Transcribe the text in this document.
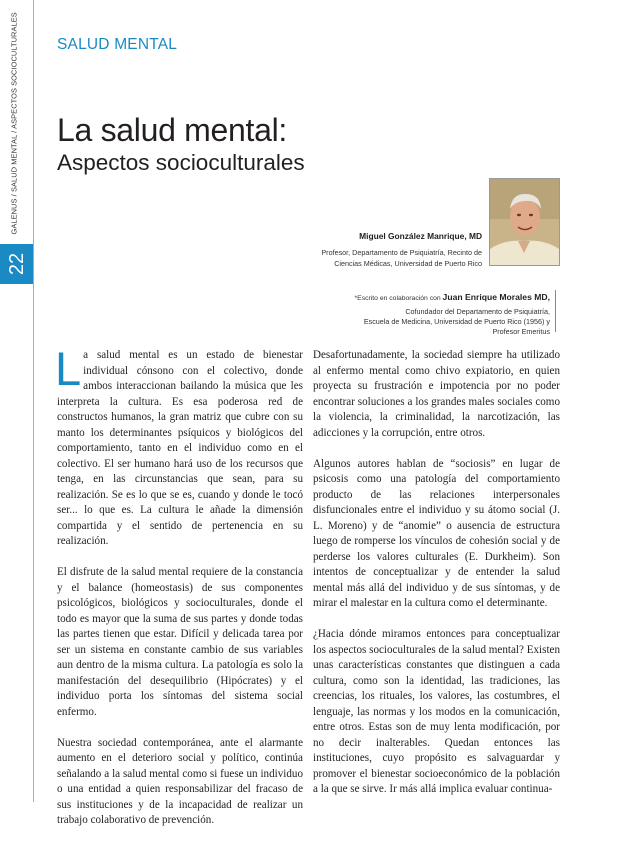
GALENUS / SALUD MENTAL / ASPECTOS SOCIOCULTURALES
22
SALUD MENTAL
La salud mental:
Aspectos socioculturales
Miguel González Manrique, MD
Profesor, Departamento de Psiquiatría, Recinto de
Ciencias Médicas, Universidad de Puerto Rico
*Escrito en colaboración con Juan Enrique Morales MD,
Cofundador del Departamento de Psiquiatría,
Escuela de Medicina, Universidad de Puerto Rico (1956) y
Profesor Emeritus

La salud mental es un estado de bienestar individual cónsono con el colectivo, donde ambos interaccionan bailando la música que les interpreta la cultura. Es esa poderosa red de constructos humanos, la gran matriz que cubre con su manto los determinantes psíquicos y biológicos del comportamiento, tanto en el individuo como en el colectivo. El ser humano hará uso de los recursos que tenga, en las circunstancias que sean, para su realización. Se es lo que se es, cuando y donde le tocó ser... lo que es. La cultura le añade la dimensión compartida y el sentido de pertenencia en su realización.

El disfrute de la salud mental requiere de la constancia y el balance (homeostasis) de sus componentes psicológicos, biológicos y socioculturales, donde el todo es mayor que la suma de sus partes y donde todas las partes tienen que estar. Difícil y delicada tarea por ser un sistema en constante cambio de sus variables aun dentro de la misma cultura. La patología es solo la manifestación del desequilibrio (Hipócrates) y el individuo porta los síntomas del sistema social enfermo.

Nuestra sociedad contemporánea, ante el alarmante aumento en el deterioro social y político, continúa señalando a la salud mental como si fuese un individuo o una entidad a quien responsabilizar del fracaso de sus instituciones y de la incapacidad de realizar un trabajo colaborativo de prevención.

Desafortunadamente, la sociedad siempre ha utilizado al enfermo mental como chivo expiatorio, en quien proyecta su frustración e impotencia por no poder encontrar soluciones a los grandes males sociales como la violencia, la criminalidad, la narcotización, las adicciones y la corrupción, entre otros.

Algunos autores hablan de “sociosis” en lugar de psicosis como una patología del comportamiento producto de las relaciones interpersonales disfuncionales entre el individuo y su átomo social (J. L. Moreno) y de “anomie” o ausencia de estructura luego de romperse los vínculos de cohesión social y de perderse los valores culturales (E. Durkheim). Son intentos de conceptualizar y de entender la salud mental más allá del individuo y de sus síntomas, y de mirar el malestar en la cultura como el determinante.

¿Hacia dónde miramos entonces para conceptualizar los aspectos socioculturales de la salud mental? Existen unas características constantes que distinguen a cada cultura, como son la identidad, las tradiciones, las creencias, los rituales, los valores, las costumbres, el lenguaje, las normas y los modos en la comunicación, entre otros. Estas son de muy lenta modificación, por no decir inalterables. Quedan entonces las instituciones, cuyo propósito es salvaguardar y promover el bienestar socioeconómico de la población a la que se sirve. Ir más allá implica evaluar continua-
